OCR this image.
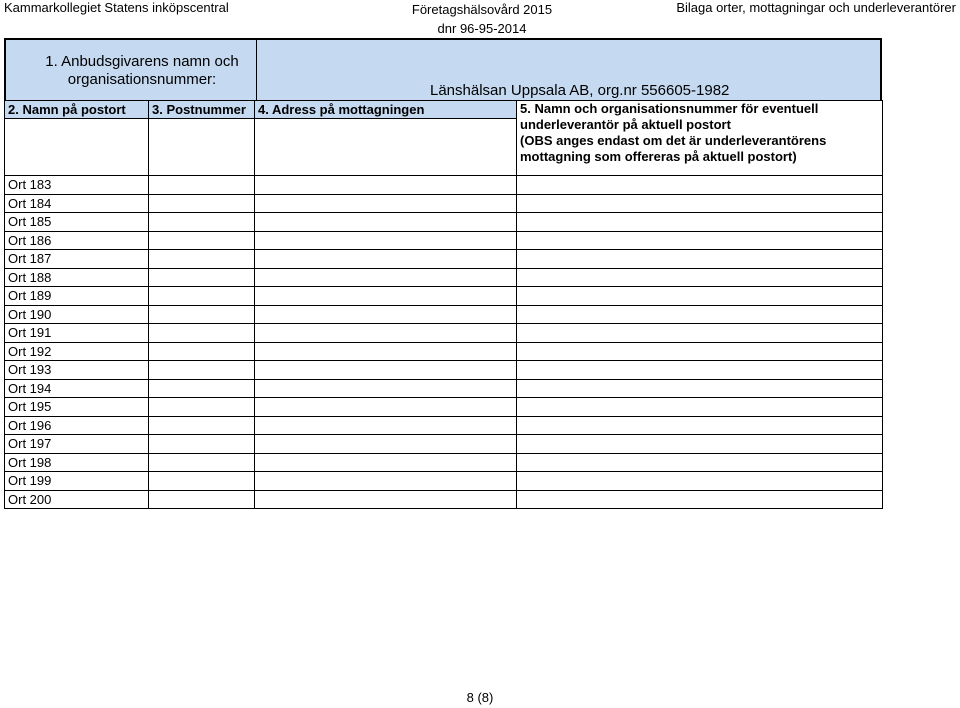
Kammarkollegiet Statens inköpscentral	Företagshälsovård 2015
dnr 96-95-2014
Bilaga orter, mottagningar och underleverantörer
1. Anbudsgivarens namn och organisationsnummer:
Länshälsan Uppsala AB, org.nr 556605-1982
2. Namn på postort	3. Postnummer	4. Adress på mottagningen	5. Namn och organisationsnummer för eventuell underleverantör på aktuell postort
(OBS anges endast om det är underleverantörens mottagning som offereras på aktuell postort)

Ort 183			
Ort 184			
Ort 185			
Ort 186			
Ort 187			
Ort 188			
Ort 189			
Ort 190			
Ort 191			
Ort 192			
Ort 193			
Ort 194			
Ort 195			
Ort 196			
Ort 197			
Ort 198			
Ort 199			
Ort 200			
8 (8)
